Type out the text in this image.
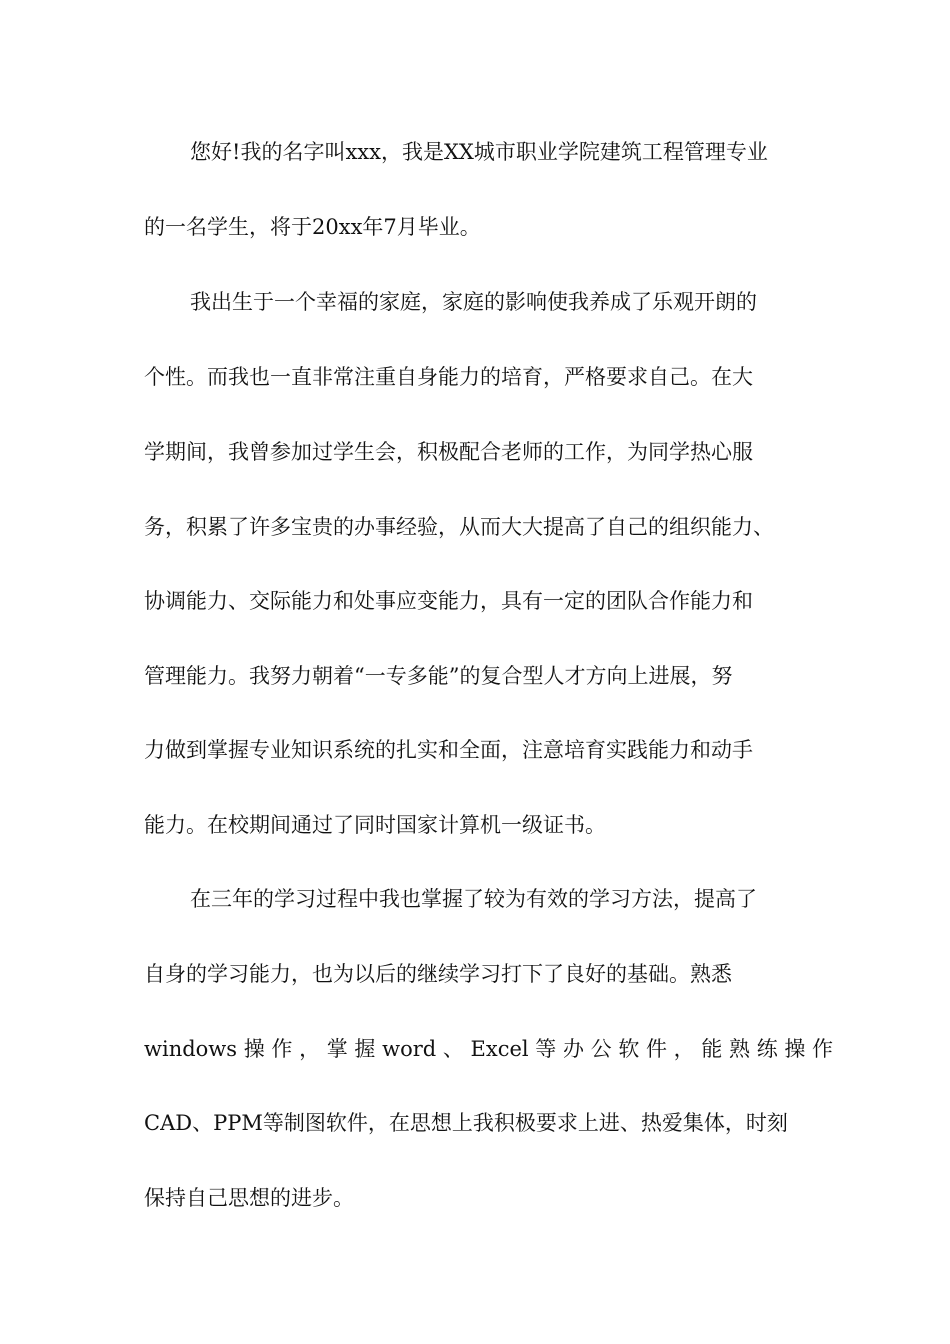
您好!我的名字叫xxx，我是XX城市职业学院建筑工程管理专业
的一名学生，将于20xx年7月毕业。
我出生于一个幸福的家庭，家庭的影响使我养成了乐观开朗的
个性。而我也一直非常注重自身能力的培育，严格要求自己。在大
学期间，我曾参加过学生会，积极配合老师的工作，为同学热心服
务，积累了许多宝贵的办事经验，从而大大提高了自己的组织能力、
协调能力、交际能力和处事应变能力，具有一定的团队合作能力和
管理能力。我努力朝着“一专多能”的复合型人才方向上进展，努
力做到掌握专业知识系统的扎实和全面，注意培育实践能力和动手
能力。在校期间通过了同时国家计算机一级证书。
在三年的学习过程中我也掌握了较为有效的学习方法，提高了
自身的学习能力，也为以后的继续学习打下了良好的基础。熟悉
windows 操 作 ， 掌 握 word 、 Excel 等 办 公 软 件 ， 能 熟 练 操 作
CAD、PPM等制图软件，在思想上我积极要求上进、热爱集体，时刻
保持自己思想的进步。
